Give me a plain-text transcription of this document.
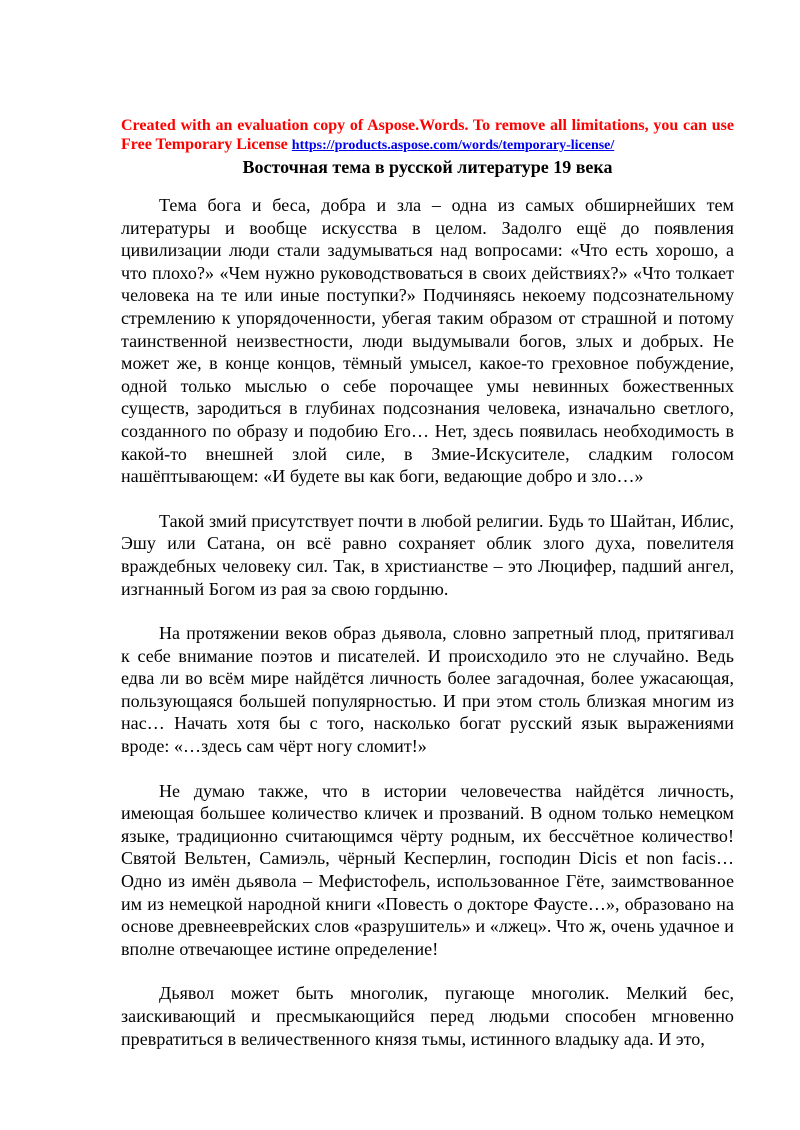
Created with an evaluation copy of Aspose.Words. To remove all limitations, you can use Free Temporary License https://products.aspose.com/words/temporary-license/

Восточная тема в русской литературе 19 века

Тема бога и беса, добра и зла – одна из самых обширнейших тем литературы и вообще искусства в целом. Задолго ещё до появления цивилизации люди стали задумываться над вопросами: «Что есть хорошо, а что плохо?» «Чем нужно руководствоваться в своих действиях?» «Что толкает человека на те или иные поступки?» Подчиняясь некоему подсознательному стремлению к упорядоченности, убегая таким образом от страшной и потому таинственной неизвестности, люди выдумывали богов, злых и добрых. Не может же, в конце концов, тёмный умысел, какое-то греховное побуждение, одной только мыслью о себе порочащее умы невинных божественных существ, зародиться в глубинах подсознания человека, изначально светлого, созданного по образу и подобию Его… Нет, здесь появилась необходимость в какой-то внешней злой силе, в Змие-Искусителе, сладким голосом нашёптывающем: «И будете вы как боги, ведающие добро и зло…»

Такой змий присутствует почти в любой религии. Будь то Шайтан, Иблис, Эшу или Сатана, он всё равно сохраняет облик злого духа, повелителя враждебных человеку сил. Так, в христианстве – это Люцифер, падший ангел, изгнанный Богом из рая за свою гордыню.

На протяжении веков образ дьявола, словно запретный плод, притягивал к себе внимание поэтов и писателей. И происходило это не случайно. Ведь едва ли во всём мире найдётся личность более загадочная, более ужасающая, пользующаяся большей популярностью. И при этом столь близкая многим из нас… Начать хотя бы с того, насколько богат русский язык выражениями вроде: «…здесь сам чёрт ногу сломит!»

Не думаю также, что в истории человечества найдётся личность, имеющая большее количество кличек и прозваний. В одном только немецком языке, традиционно считающимся чёрту родным, их бессчётное количество! Святой Вельтен, Самиэль, чёрный Кесперлин, господин Dicis et non facis… Одно из имён дьявола – Мефистофель, использованное Гёте, заимствованное им из немецкой народной книги «Повесть о докторе Фаусте…», образовано на основе древнееврейских слов «разрушитель» и «лжец». Что ж, очень удачное и вполне отвечающее истине определение!

Дьявол может быть многолик, пугающе многолик. Мелкий бес, заискивающий и пресмыкающийся перед людьми способен мгновенно превратиться в величественного князя тьмы, истинного владыку ада. И это,
